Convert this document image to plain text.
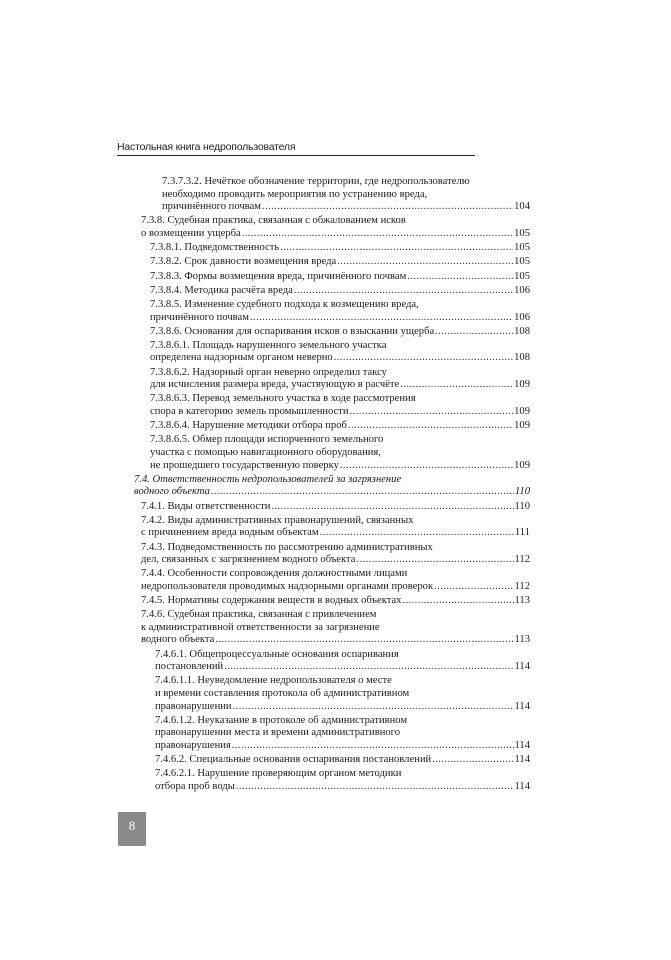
Настольная книга недропользователя
7.3.7.3.2. Нечёткое обозначение территории, где недропользователю
необходимо проводить мероприятия по устранению вреда,
причинённого почвам .....	104
7.3.8. Судебная практика, связанная с обжалованием исков
о возмещении ущерба .....	105
7.3.8.1. Подведомственность .....	105
7.3.8.2. Срок давности возмещения вреда .....	105
7.3.8.3. Формы возмещения вреда, причинённого почвам .....	105
7.3.8.4. Методика расчёта вреда .....	106
7.3.8.5. Изменение судебного подхода к возмещению вреда,
причинённого почвам .....	106
7.3.8.6. Основания для оспаривания исков о взыскании ущерба .....	108
7.3.8.6.1. Площадь нарушенного земельного участка
определена надзорным органом неверно .....	108
7.3.8.6.2. Надзорный орган неверно определил таксу
для исчисления размера вреда, участвующую в расчёте .....	109
7.3.8.6.3. Перевод земельного участка в ходе рассмотрения
спора в категорию земель промышленности .....	109
7.3.8.6.4. Нарушение методики отбора проб .....	109
7.3.8.6.5. Обмер площади испорченного земельного
участка с помощью навигационного оборудования,
не прошедшего государственную поверку .....	109
7.4. Ответственность недропользователей за загрязнение
водного объекта .....	110
7.4.1. Виды ответственности .....	110
7.4.2. Виды административных правонарушений, связанных
с причинением вреда водным объектам .....	111
7.4.3. Подведомственность по рассмотрению административных
дел, связанных с загрязнением водного объекта .....	112
7.4.4. Особенности сопровождения должностными лицами
недропользователя проводимых надзорными органами проверок .....	112
7.4.5. Нормативы содержания веществ в водных объектах .....	113
7.4.6. Судебная практика, связанная с привлечением
к административной ответственности за загрязнение
водного объекта .....	113
7.4.6.1. Общепроцессуальные основания оспаривания
постановлений .....	114
7.4.6.1.1. Неуведомление недропользователя о месте
и времени составления протокола об административном
правонарушении .....	114
7.4.6.1.2. Неуказание в протоколе об административном
правонарушении места и времени административного
правонарушения .....	114
7.4.6.2. Специальные основания оспаривания постановлений .....	114
7.4.6.2.1. Нарушение проверяющим органом методики
отбора проб воды .....	114
8
